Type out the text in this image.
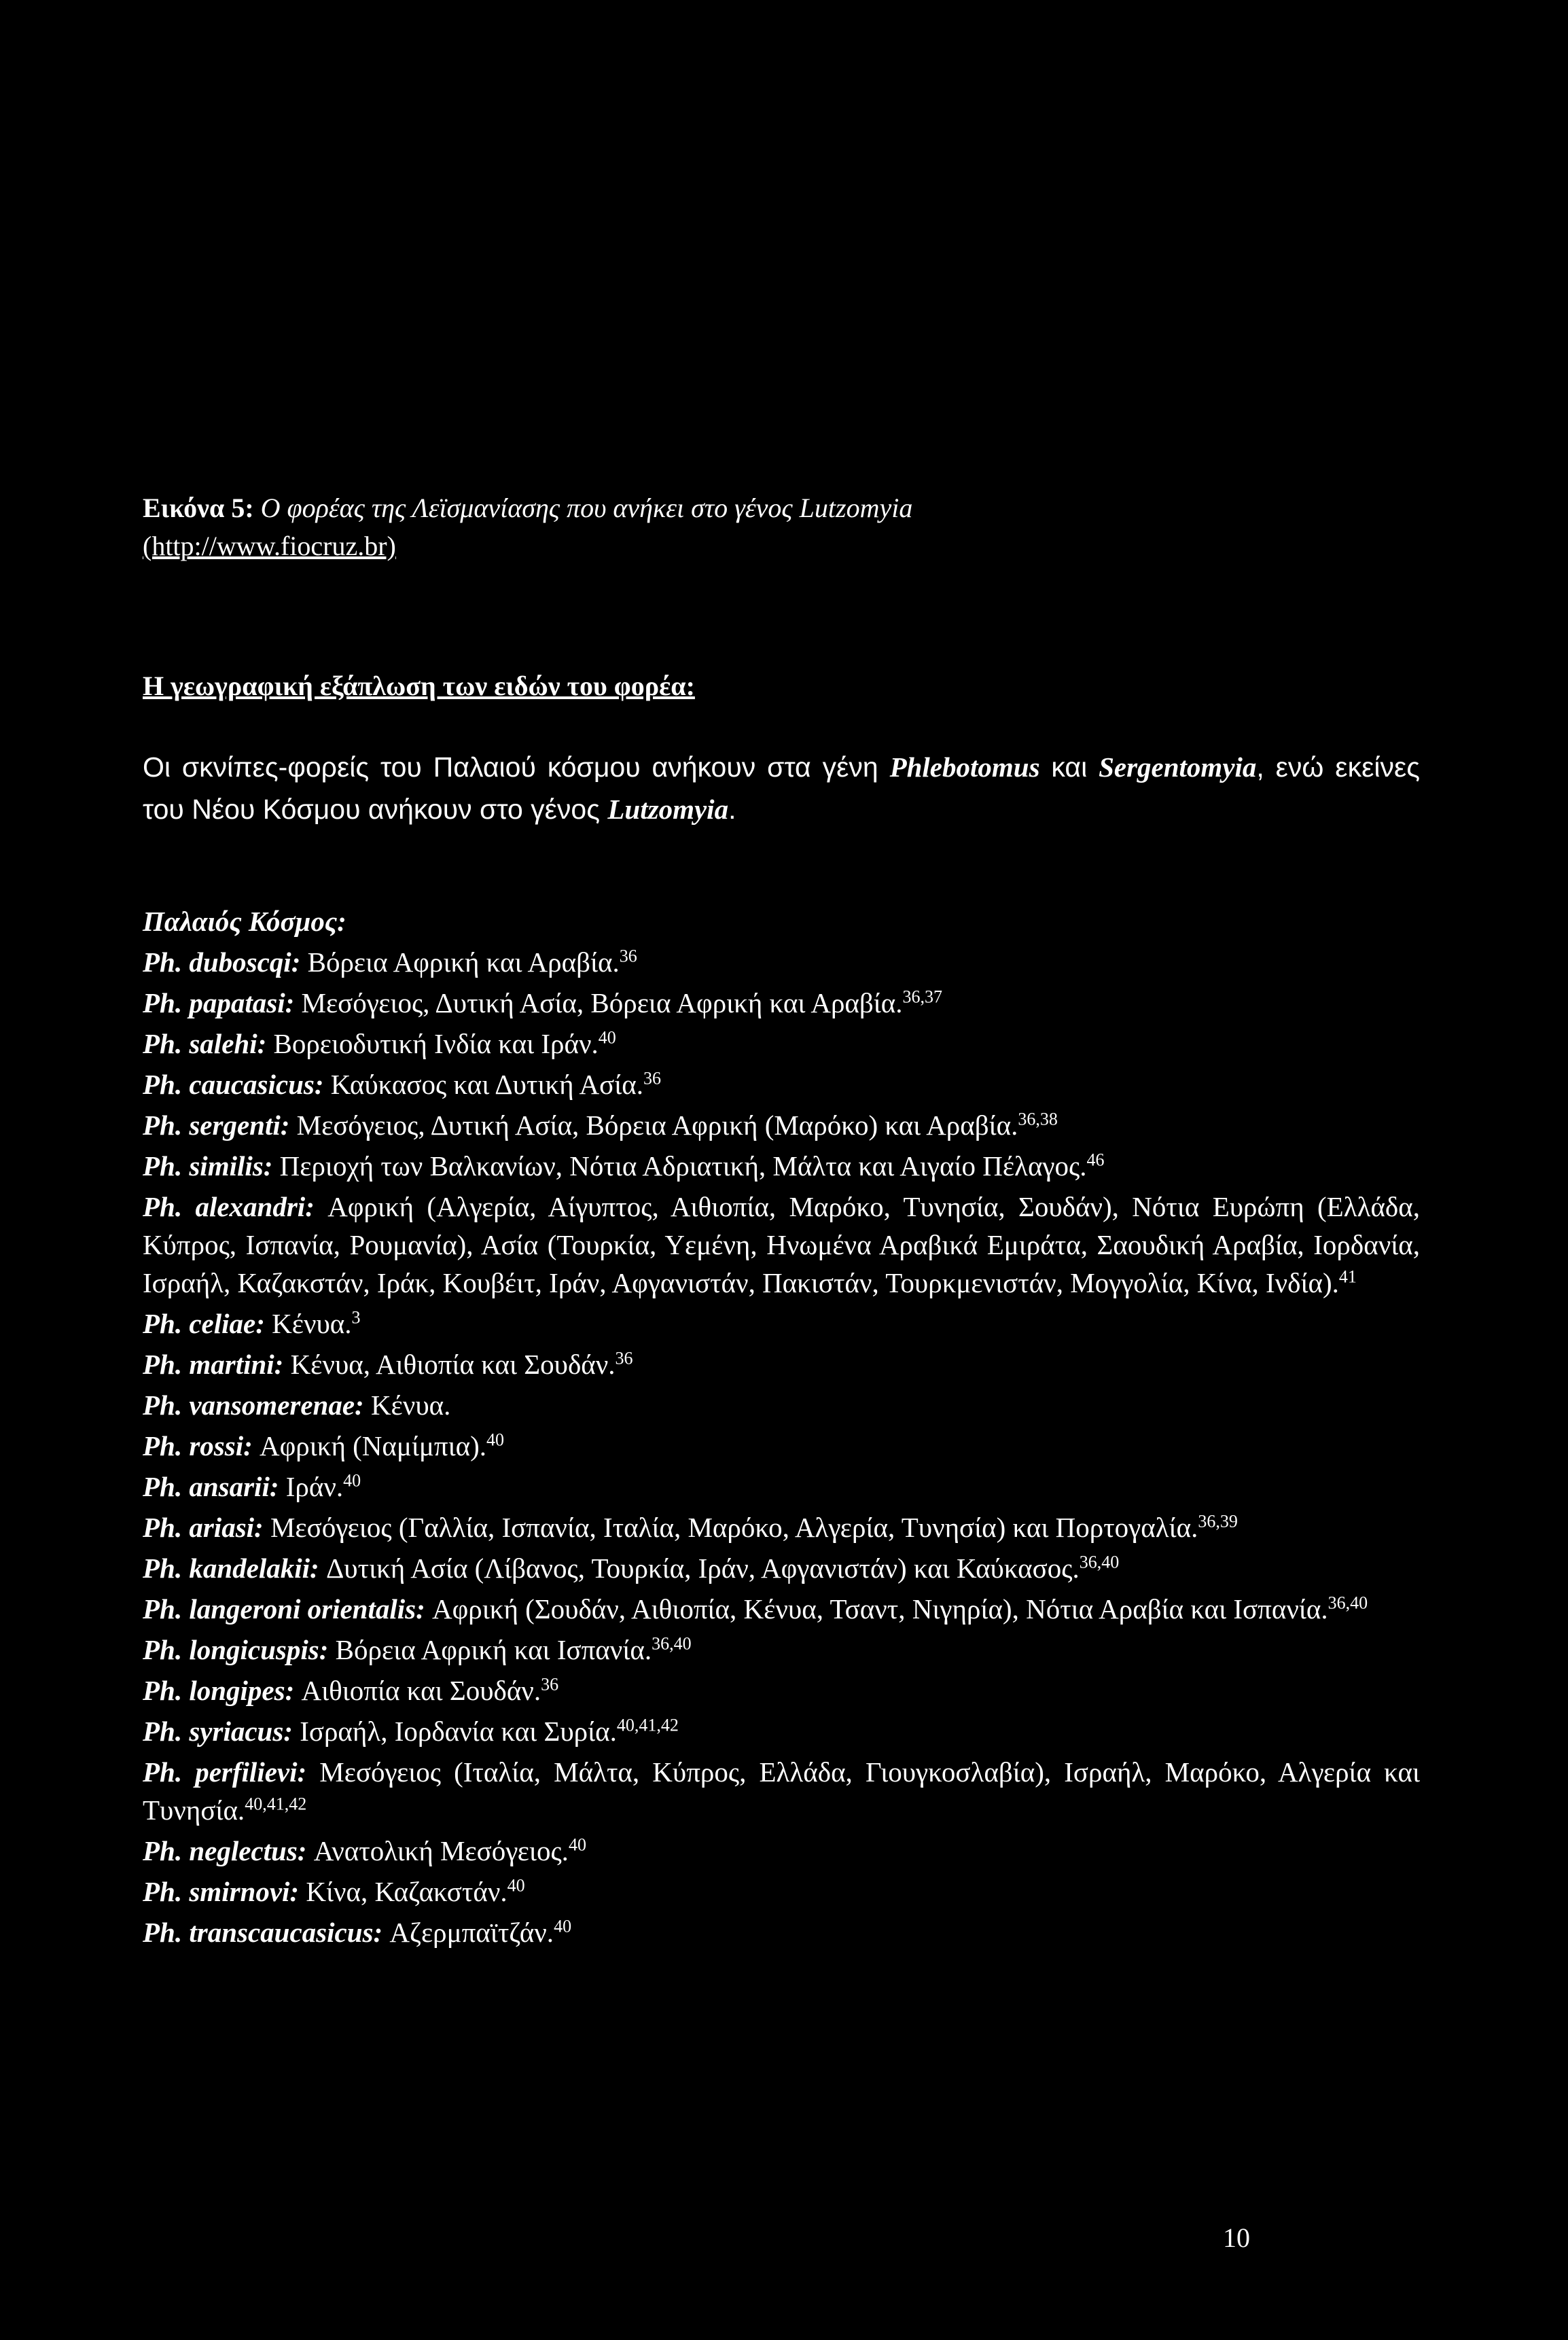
Εικόνα 5: Ο φορέας της Λεϊσμανίασης που ανήκει στο γένος Lutzomyia
(http://www.fiocruz.br)
Η γεωγραφική εξάπλωση των ειδών του φορέα:
Οι σκνίπες-φορείς του Παλαιού κόσμου ανήκουν στα γένη Phlebotomus και Sergentomyia, ενώ εκείνες του Νέου Κόσμου ανήκουν στο γένος Lutzomyia.
Παλαιός Κόσμος:
Ph. duboscqi: Βόρεια Αφρική και Αραβία.$^{36}$
Ph. papatasi: Μεσόγειος, Δυτική Ασία, Βόρεια Αφρική και Αραβία.$^{36,37}$
Ph. salehi: Βορειοδυτική Ινδία και Ιράν.$^{40}$
Ph. caucasicus: Καύκασος και Δυτική Ασία.$^{36}$
Ph. sergenti: Μεσόγειος, Δυτική Ασία, Βόρεια Αφρική (Μαρόκο) και Αραβία.$^{36,38}$
Ph. similis: Περιοχή των Βαλκανίων, Νότια Αδριατική, Μάλτα και Αιγαίο Πέλαγος.$^{46}$
Ph. alexandri: Αφρική (Αλγερία, Αίγυπτος, Αιθιοπία, Μαρόκο, Τυνησία, Σουδάν), Νότια Ευρώπη (Ελλάδα, Κύπρος, Ισπανία, Ρουμανία), Ασία (Τουρκία, Υεμένη, Ηνωμένα Αραβικά Εμιράτα, Σαουδική Αραβία, Ιορδανία, Ισραήλ, Καζακστάν, Ιράκ, Κουβέιτ, Ιράν, Αφγανιστάν, Πακιστάν, Τουρκμενιστάν, Μογγολία, Κίνα, Ινδία).$^{41}$
Ph. celiae: Κένυα.$^3$
Ph. martini: Κένυα, Αιθιοπία και Σουδάν.$^{36}$
Ph. vansomerenae: Κένυα.
Ph. rossi: Αφρική (Ναμίμπια).$^{40}$
Ph. ansarii: Ιράν.$^{40}$
Ph. ariasi: Μεσόγειος (Γαλλία, Ισπανία, Ιταλία, Μαρόκο, Αλγερία, Τυνησία) και Πορτογαλία.$^{36,39}$
Ph. kandelakii: Δυτική Ασία (Λίβανος, Τουρκία, Ιράν, Αφγανιστάν) και Καύκασος.$^{36,40}$
Ph. langeroni orientalis: Αφρική (Σουδάν, Αιθιοπία, Κένυα, Τσαντ, Νιγηρία), Νότια Αραβία και Ισπανία.$^{36,40}$
Ph. longicuspis: Βόρεια Αφρική και Ισπανία.$^{36,40}$
Ph. longipes: Αιθιοπία και Σουδάν.$^{36}$
Ph. syriacus: Ισραήλ, Ιορδανία και Συρία.$^{40,41,42}$
Ph. perfilievi: Μεσόγειος (Ιταλία, Μάλτα, Κύπρος, Ελλάδα, Γιουγκοσλαβία), Ισραήλ, Μαρόκο, Αλγερία και Τυνησία.$^{40,41,42}$
Ph. neglectus: Ανατολική Μεσόγειος.$^{40}$
Ph. smirnovi: Κίνα, Καζακστάν.$^{40}$
Ph. transcaucasicus: Αζερμπαϊτζάν.$^{40}$
10
